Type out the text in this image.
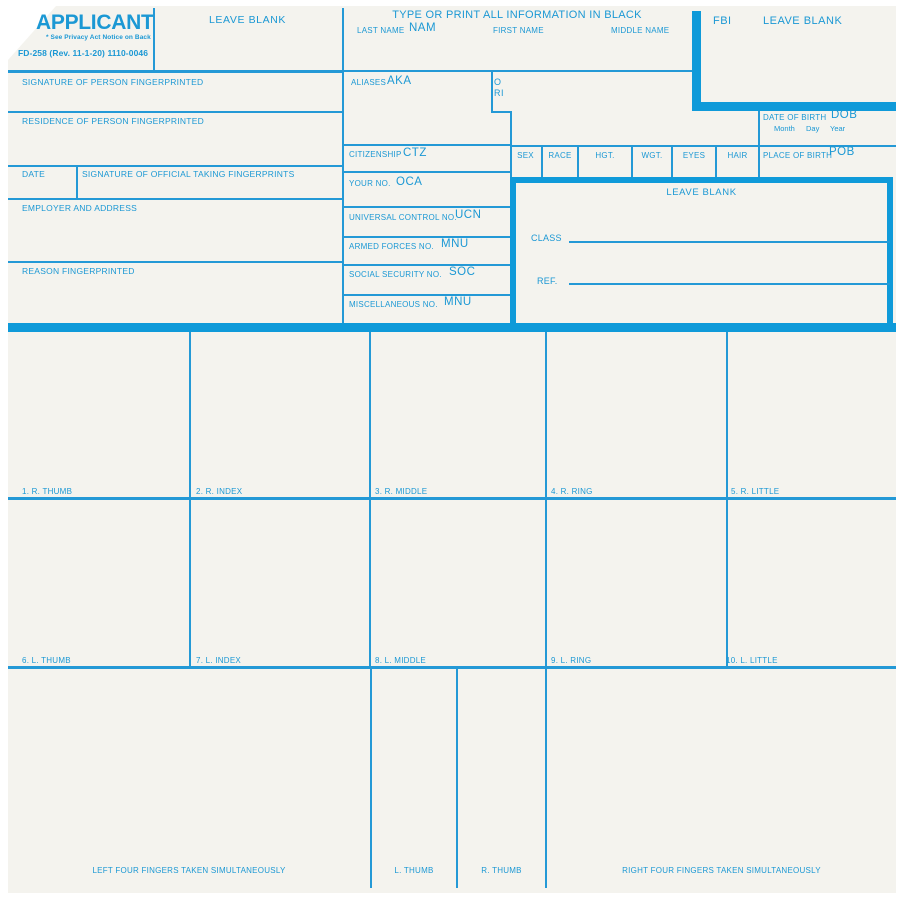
APPLICANT
* See Privacy Act Notice on Back
FD-258 (Rev. 11-1-20) 1110-0046
LEAVE BLANK
SIGNATURE OF PERSON FINGERPRINTED
RESIDENCE OF PERSON FINGERPRINTED
DATE	SIGNATURE OF OFFICIAL TAKING FINGERPRINTS
EMPLOYER AND ADDRESS
REASON FINGERPRINTED
TYPE OR PRINT ALL INFORMATION IN BLACK
LAST NAME NAM	FIRST NAME	MIDDLE NAME
FBI	LEAVE BLANK
ALIASES AKA	ORI
CITIZENSHIP CTZ
YOUR NO. OCA
UNIVERSAL CONTROL NO.
UCN
ARMED FORCES NO. MNU
SOCIAL SECURITY NO. SOC
MISCELLANEOUS NO. MNU
DATE OF BIRTH DOB
Month Day Year
SEX	RACE	HGT.	WGT.	EYES	HAIR	PLACE OF BIRTH
POB
LEAVE BLANK
CLASS
REF.
1. R. THUMB	2. R. INDEX	3. R. MIDDLE	4. R. RING	5. R. LITTLE
6. L. THUMB	7. L. INDEX	8. L. MIDDLE	9. L. RING	10. L. LITTLE
LEFT FOUR FINGERS TAKEN SIMULTANEOUSLY	L. THUMB	R. THUMB	RIGHT FOUR FINGERS TAKEN SIMULTANEOUSLY
